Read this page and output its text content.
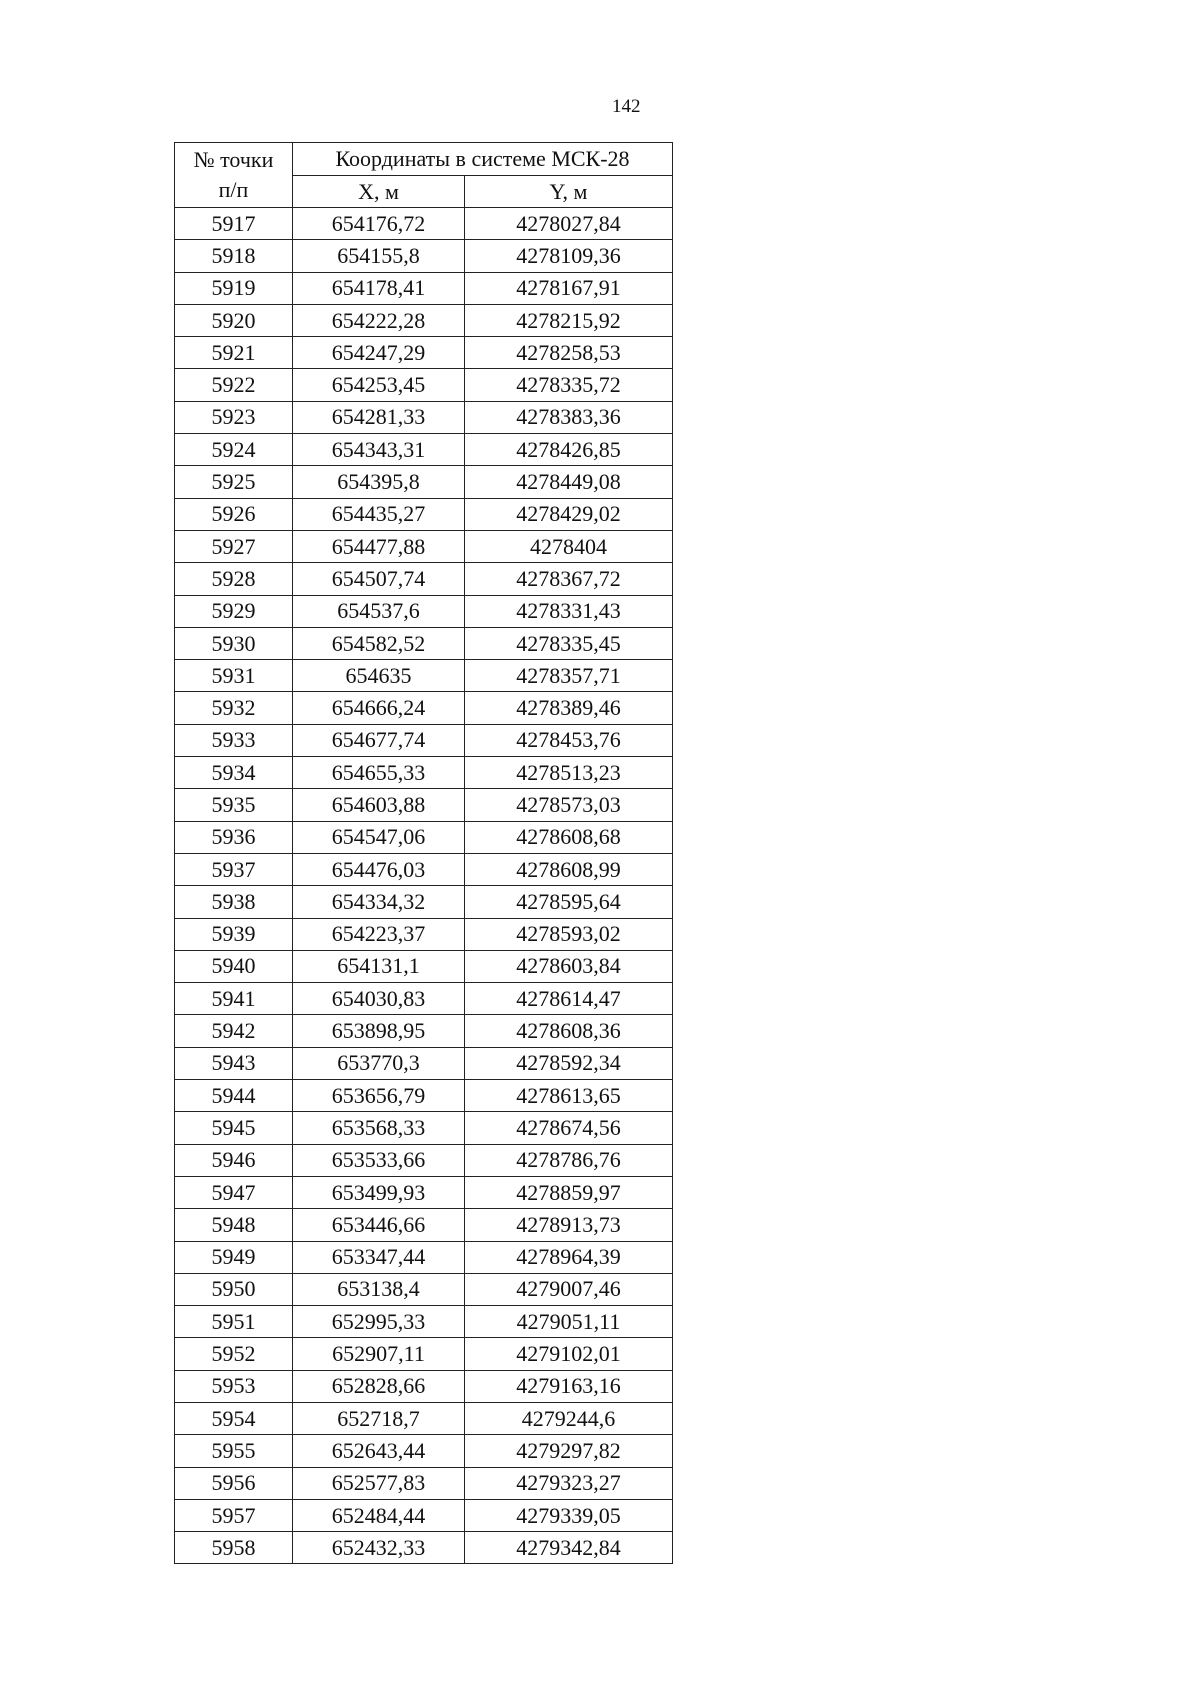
142
№ точки п/п	Координаты в системе МСК-28	
	X, м	Y, м
5917	654176,72	4278027,84
5918	654155,8	4278109,36
5919	654178,41	4278167,91
5920	654222,28	4278215,92
5921	654247,29	4278258,53
5922	654253,45	4278335,72
5923	654281,33	4278383,36
5924	654343,31	4278426,85
5925	654395,8	4278449,08
5926	654435,27	4278429,02
5927	654477,88	4278404
5928	654507,74	4278367,72
5929	654537,6	4278331,43
5930	654582,52	4278335,45
5931	654635	4278357,71
5932	654666,24	4278389,46
5933	654677,74	4278453,76
5934	654655,33	4278513,23
5935	654603,88	4278573,03
5936	654547,06	4278608,68
5937	654476,03	4278608,99
5938	654334,32	4278595,64
5939	654223,37	4278593,02
5940	654131,1	4278603,84
5941	654030,83	4278614,47
5942	653898,95	4278608,36
5943	653770,3	4278592,34
5944	653656,79	4278613,65
5945	653568,33	4278674,56
5946	653533,66	4278786,76
5947	653499,93	4278859,97
5948	653446,66	4278913,73
5949	653347,44	4278964,39
5950	653138,4	4279007,46
5951	652995,33	4279051,11
5952	652907,11	4279102,01
5953	652828,66	4279163,16
5954	652718,7	4279244,6
5955	652643,44	4279297,82
5956	652577,83	4279323,27
5957	652484,44	4279339,05
5958	652432,33	4279342,84
